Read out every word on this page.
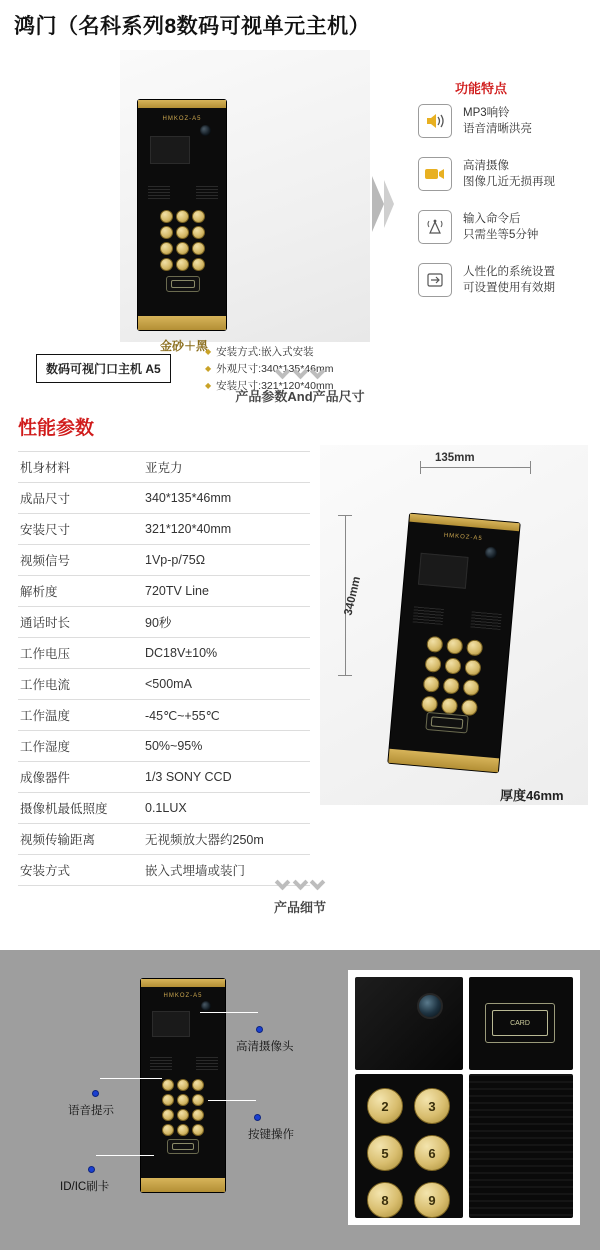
鸿门（名科系列8数码可视单元主机）
HMKOZ-A5
金砂＋黑
数码可视门口主机 A5
◆ 安装方式:嵌入式安装
◆ 外观尺寸:340*135*46mm
◆ 安装尺寸:321*120*40mm
功能特点
MP3响铃
语音清晰洪亮
高清摄像
图像几近无损再现
输入命令后
只需坐等5分钟
人性化的系统设置
可设置使用有效期

产品参数And产品尺寸
性能参数
机身材料	亚克力
成品尺寸	340*135*46mm
安装尺寸	321*120*40mm
视频信号	1Vp-p/75Ω
解析度	720TV Line
通话时长	90秒
工作电压	DC18V±10%
工作电流	<500mA
工作温度	-45℃~+55℃
工作湿度	50%~95%
成像器件	1/3 SONY CCD
摄像机最低照度	0.1LUX
视频传输距离	无视频放大器约250m
安装方式	嵌入式埋墙或装门
HMKOZ-A5
135mm
340mm
厚度46mm

产品细节
HMKOZ-A5
高清摄像头
语音提示
按键操作
ID/IC刷卡
CARD
2	3
5	6
8	9
